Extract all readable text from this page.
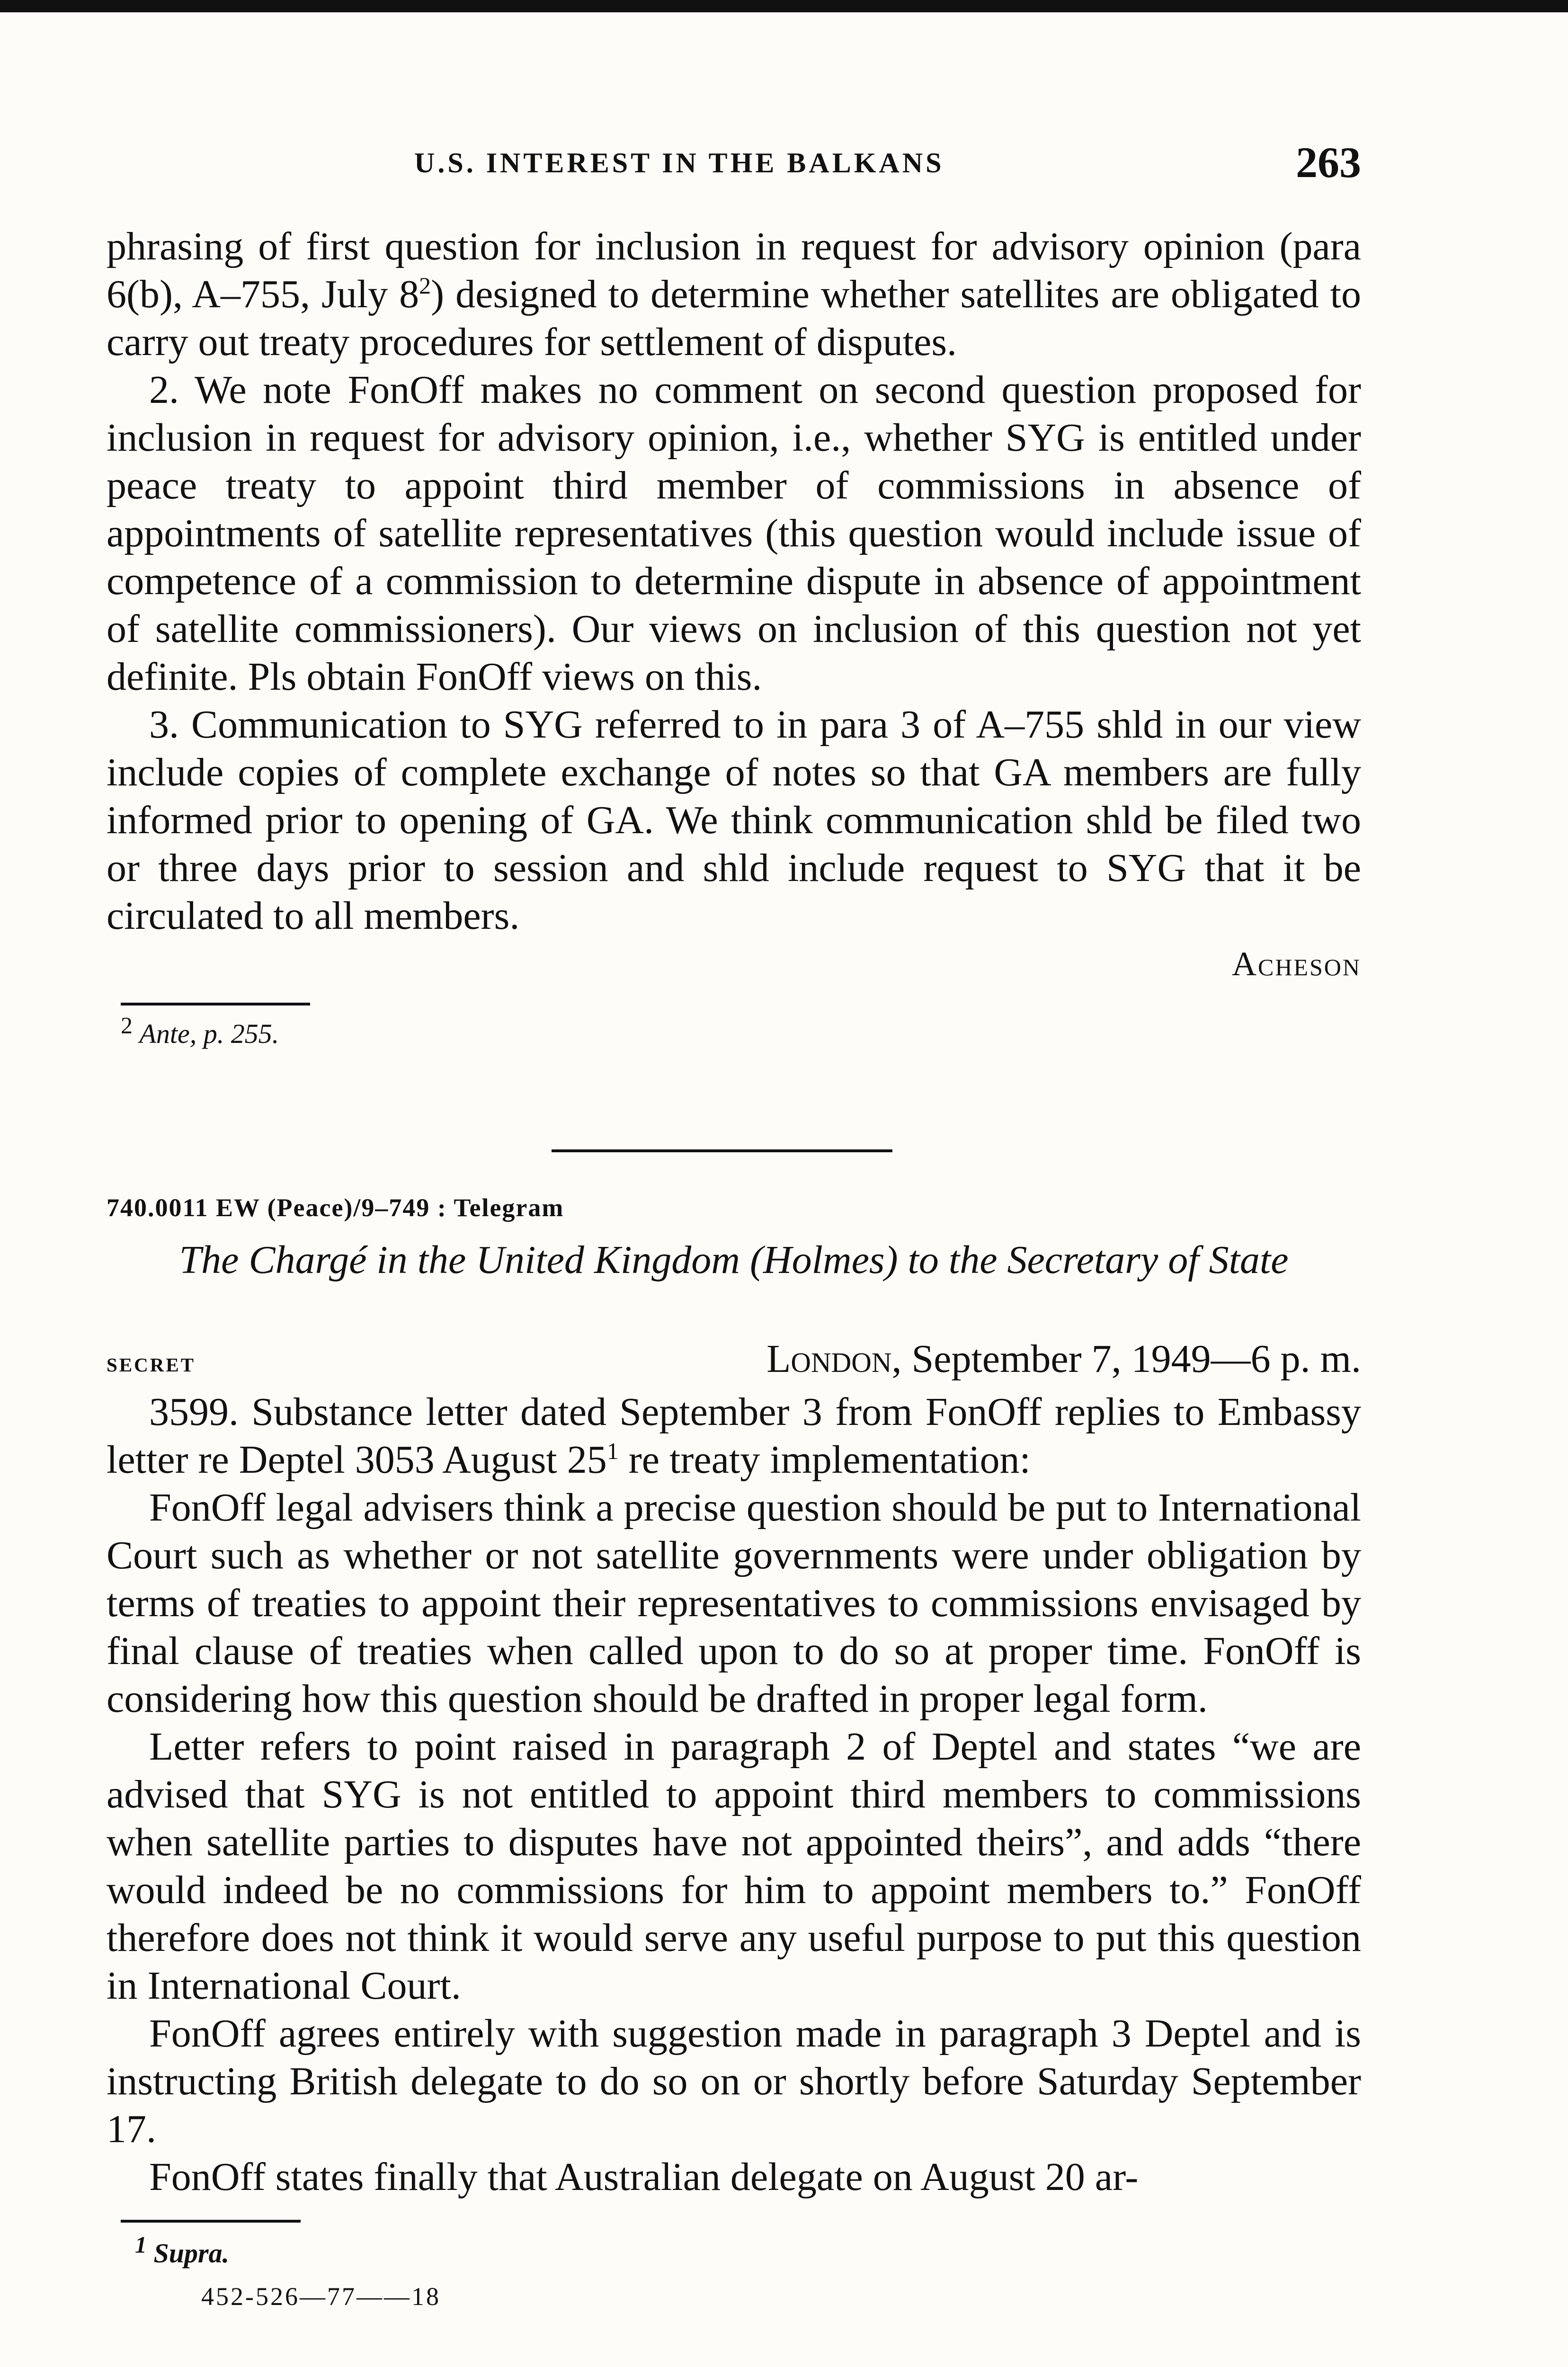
U.S. INTEREST IN THE BALKANS	263

phrasing of first question for inclusion in request for advisory opinion (para 6(b), A–755, July $8^2$) designed to determine whether satellites are obligated to carry out treaty procedures for settlement of disputes.

2. We note FonOff makes no comment on second question proposed for inclusion in request for advisory opinion, i.e., whether SYG is entitled under peace treaty to appoint third member of commissions in absence of appointments of satellite representatives (this question would include issue of competence of a commission to determine dispute in absence of appointment of satellite commissioners). Our views on inclusion of this question not yet definite. Pls obtain FonOff views on this.

3. Communication to SYG referred to in para 3 of A–755 shld in our view include copies of complete exchange of notes so that GA members are fully informed prior to opening of GA. We think communication shld be filed two or three days prior to session and shld include request to SYG that it be circulated to all members.

Acheson

$^2$ Ante, p. 255.

740.0011 EW (Peace)/9–749 : Telegram
The Chargé in the United Kingdom (Holmes) to the Secretary of State
secret	London, September 7, 1949—6 p. m.

3599. Substance letter dated September 3 from FonOff replies to Embassy letter re Deptel 3053 August $25^1$ re treaty implementation:

FonOff legal advisers think a precise question should be put to International Court such as whether or not satellite governments were under obligation by terms of treaties to appoint their representatives to commissions envisaged by final clause of treaties when called upon to do so at proper time. FonOff is considering how this question should be drafted in proper legal form.

Letter refers to point raised in paragraph 2 of Deptel and states “we are advised that SYG is not entitled to appoint third members to commissions when satellite parties to disputes have not appointed theirs”, and adds “there would indeed be no commissions for him to appoint members to.” FonOff therefore does not think it would serve any useful purpose to put this question in International Court.

FonOff agrees entirely with suggestion made in paragraph 3 Deptel and is instructing British delegate to do so on or shortly before Saturday September 17.

FonOff states finally that Australian delegate on August 20 ar-

$^1$ Supra.

452-526—77——18
